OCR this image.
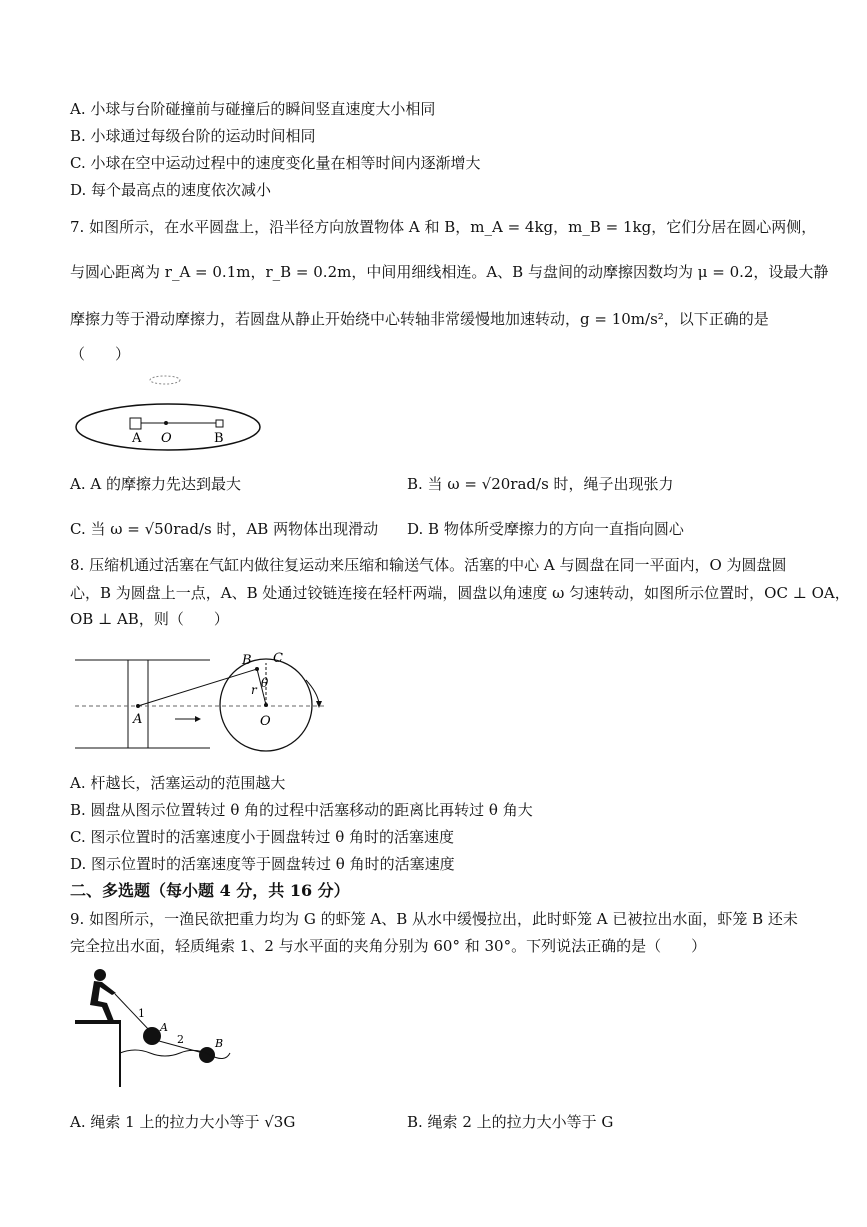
A. 小球与台阶碰撞前与碰撞后的瞬间竖直速度大小相同
B. 小球通过每级台阶的运动时间相同
C. 小球在空中运动过程中的速度变化量在相等时间内逐渐增大
D. 每个最高点的速度依次减小
7. 如图所示，在水平圆盘上，沿半径方向放置物体 A 和 B，m_A = 4kg，m_B = 1kg，它们分居在圆心两侧，
与圆心距离为 r_A = 0.1m，r_B = 0.2m，中间用细线相连。A、B 与盘间的动摩擦因数均为 μ = 0.2，设最大静
摩擦力等于滑动摩擦力，若圆盘从静止开始绕中心转轴非常缓慢地加速转动，g = 10m/s²，以下正确的是
（　　）
A O	B
A. A 的摩擦力先达到最大	B. 当 ω = √20rad/s 时，绳子出现张力
C. 当 ω = √50rad/s 时，AB 两物体出现滑动 D. B 物体所受摩擦力的方向一直指向圆心
8. 压缩机通过活塞在气缸内做往复运动来压缩和输送气体。活塞的中心 A 与圆盘在同一平面内，O 为圆盘圆
心，B 为圆盘上一点，A、B 处通过铰链连接在轻杆两端，圆盘以角速度 ω 匀速转动，如图所示位置时，OC ⊥ OA，
OB ⊥ AB，则（　　）
A
B C
O
θ
r
A. 杆越长，活塞运动的范围越大
B. 圆盘从图示位置转过 θ 角的过程中活塞移动的距离比再转过 θ 角大
C. 图示位置时的活塞速度小于圆盘转过 θ 角时的活塞速度
D. 图示位置时的活塞速度等于圆盘转过 θ 角时的活塞速度
二、多选题（每小题 4 分，共 16 分）
9. 如图所示，一渔民欲把重力均为 G 的虾笼 A、B 从水中缓慢拉出，此时虾笼 A 已被拉出水面，虾笼 B 还未
完全拉出水面，轻质绳索 1、2 与水平面的夹角分别为 60° 和 30°。下列说法正确的是（　　）
1
A
2	B
A. 绳索 1 上的拉力大小等于 √3G	B. 绳索 2 上的拉力大小等于 G
